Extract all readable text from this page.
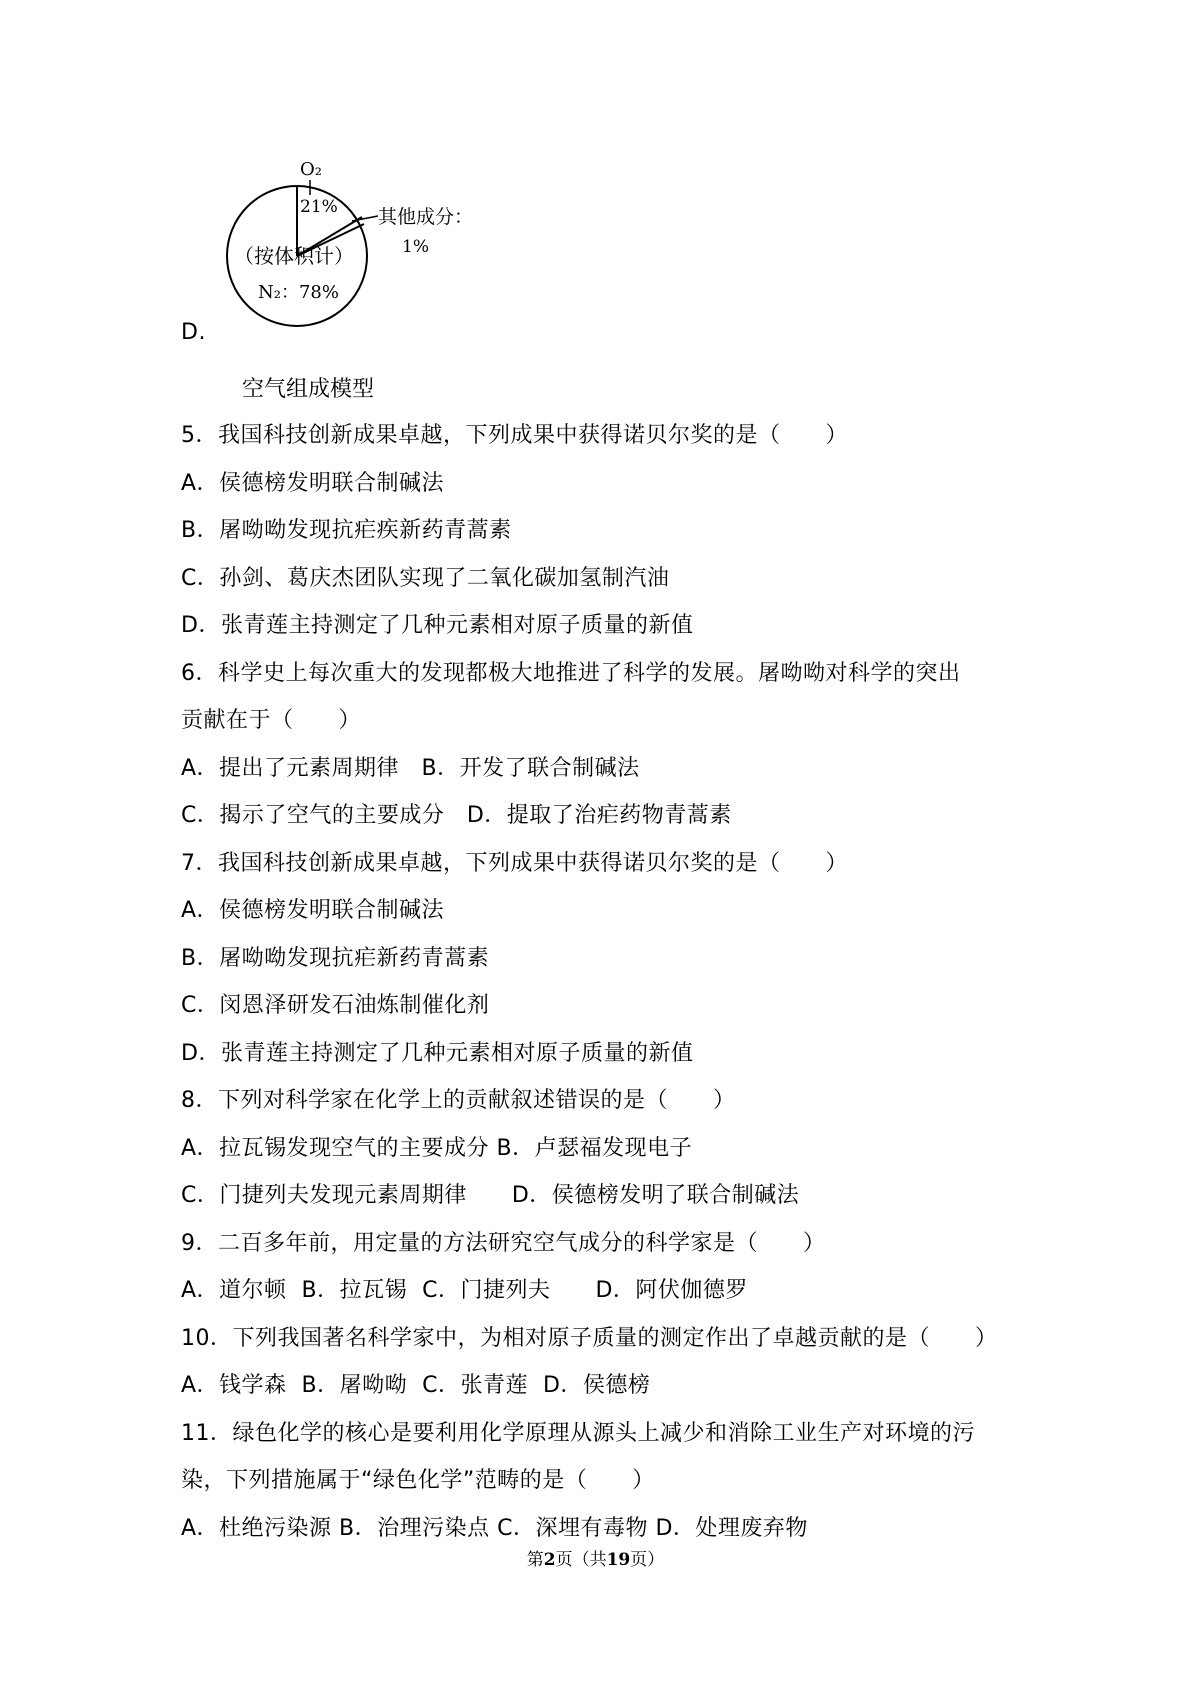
O₂
21% 其他成分：
1%
（按体积计）
N₂：78%
D.
空气组成模型
5．我国科技创新成果卓越，下列成果中获得诺贝尔奖的是（　　）
A．侯德榜发明联合制碱法
B．屠呦呦发现抗疟疾新药青蒿素
C．孙剑、葛庆杰团队实现了二氧化碳加氢制汽油
D．张青莲主持测定了几种元素相对原子质量的新值
6．科学史上每次重大的发现都极大地推进了科学的发展。屠呦呦对科学的突出
贡献在于（　　）
A．提出了元素周期律　B．开发了联合制碱法
C．揭示了空气的主要成分　D．提取了治疟药物青蒿素
7．我国科技创新成果卓越，下列成果中获得诺贝尔奖的是（　　）
A．侯德榜发明联合制碱法
B．屠呦呦发现抗疟新药青蒿素
C．闵恩泽研发石油炼制催化剂
D．张青莲主持测定了几种元素相对原子质量的新值
8．下列对科学家在化学上的贡献叙述错误的是（　　）
A．拉瓦锡发现空气的主要成分 B．卢瑟福发现电子
C．门捷列夫发现元素周期律　　D．侯德榜发明了联合制碱法
9．二百多年前，用定量的方法研究空气成分的科学家是（　　）
A．道尔顿  B．拉瓦锡  C．门捷列夫　　D．阿伏伽德罗
10．下列我国著名科学家中，为相对原子质量的测定作出了卓越贡献的是（　　）
A．钱学森  B．屠呦呦  C．张青莲  D．侯德榜
11．绿色化学的核心是要利用化学原理从源头上减少和消除工业生产对环境的污
染，下列措施属于“绿色化学”范畴的是（　　）
A．杜绝污染源 B．治理污染点 C．深埋有毒物 D．处理废弃物
第2页（共19页）
